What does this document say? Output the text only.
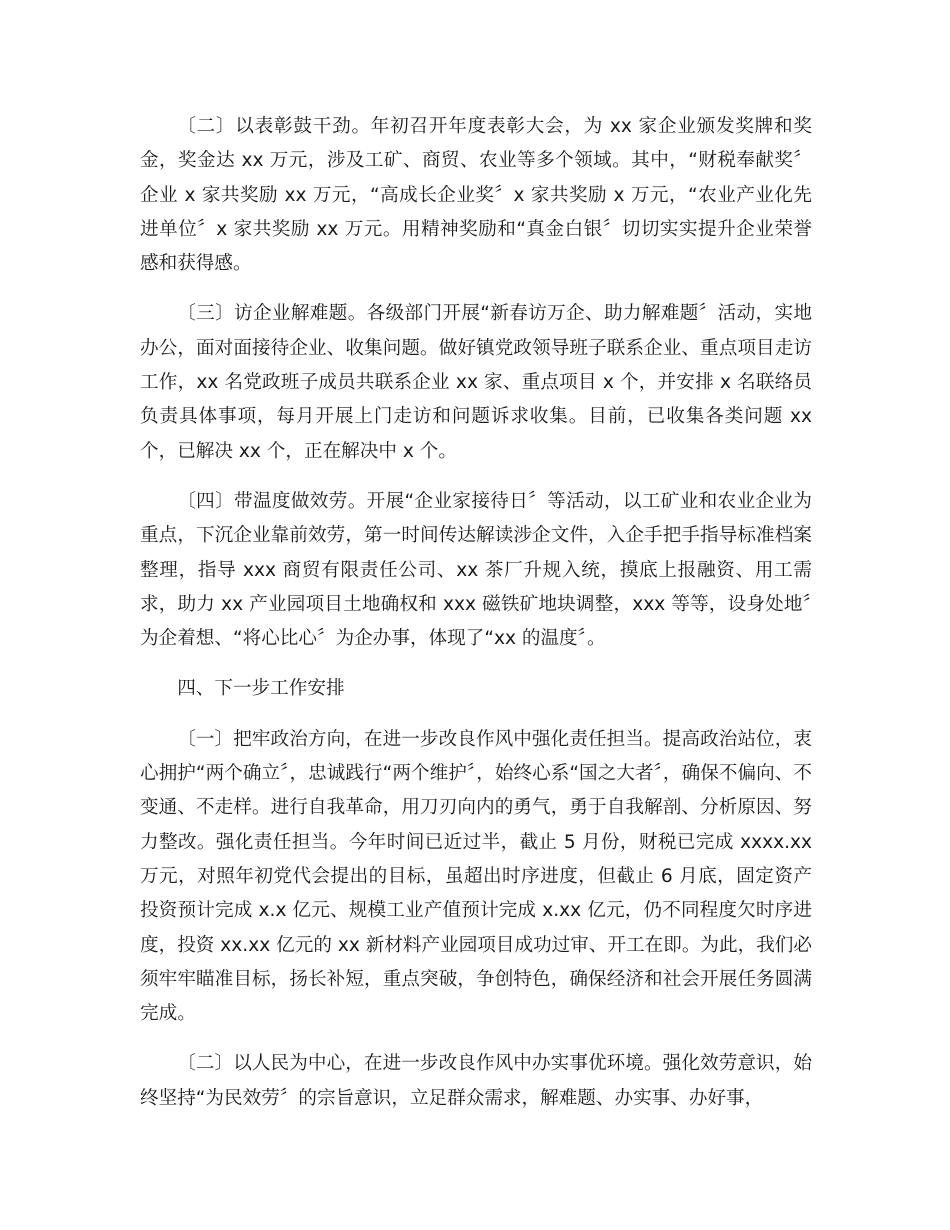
〔二〕以表彰鼓干劲。年初召开年度表彰大会，为 xx 家企业颁发奖牌和奖金，奖金达 xx 万元，涉及工矿、商贸、农业等多个领域。其中，“财税奉献奖〞企业 x 家共奖励 xx 万元，“高成长企业奖〞x 家共奖励 x 万元，“农业产业化先进单位〞x 家共奖励 xx 万元。用精神奖励和“真金白银〞切切实实提升企业荣誉感和获得感。

〔三〕访企业解难题。各级部门开展“新春访万企、助力解难题〞活动，实地办公，面对面接待企业、收集问题。做好镇党政领导班子联系企业、重点项目走访工作，xx 名党政班子成员共联系企业 xx 家、重点项目 x 个，并安排 x 名联络员负责具体事项，每月开展上门走访和问题诉求收集。目前，已收集各类问题 xx 个，已解决 xx 个，正在解决中 x 个。

〔四〕带温度做效劳。开展“企业家接待日〞等活动，以工矿业和农业企业为重点，下沉企业靠前效劳，第一时间传达解读涉企文件，入企手把手指导标准档案整理，指导 xxx 商贸有限责任公司、xx 茶厂升规入统，摸底上报融资、用工需求，助力 xx 产业园项目土地确权和 xxx 磁铁矿地块调整，xxx 等等，设身处地〞为企着想、“将心比心〞为企办事，体现了“xx 的温度〞。

四、下一步工作安排

〔一〕把牢政治方向，在进一步改良作风中强化责任担当。提高政治站位，衷心拥护“两个确立〞，忠诚践行“两个维护〞，始终心系“国之大者〞，确保不偏向、不变通、不走样。进行自我革命，用刀刃向内的勇气，勇于自我解剖、分析原因、努力整改。强化责任担当。今年时间已近过半，截止 5 月份，财税已完成 xxxx.xx 万元，对照年初党代会提出的目标，虽超出时序进度，但截止 6 月底，固定资产投资预计完成 x.x 亿元、规模工业产值预计完成 x.xx 亿元，仍不同程度欠时序进度，投资 xx.xx 亿元的 xx 新材料产业园项目成功过审、开工在即。为此，我们必须牢牢瞄准目标，扬长补短，重点突破，争创特色，确保经济和社会开展任务圆满完成。

〔二〕以人民为中心，在进一步改良作风中办实事优环境。强化效劳意识，始终坚持“为民效劳〞的宗旨意识，立足群众需求，解难题、办实事、办好事，
